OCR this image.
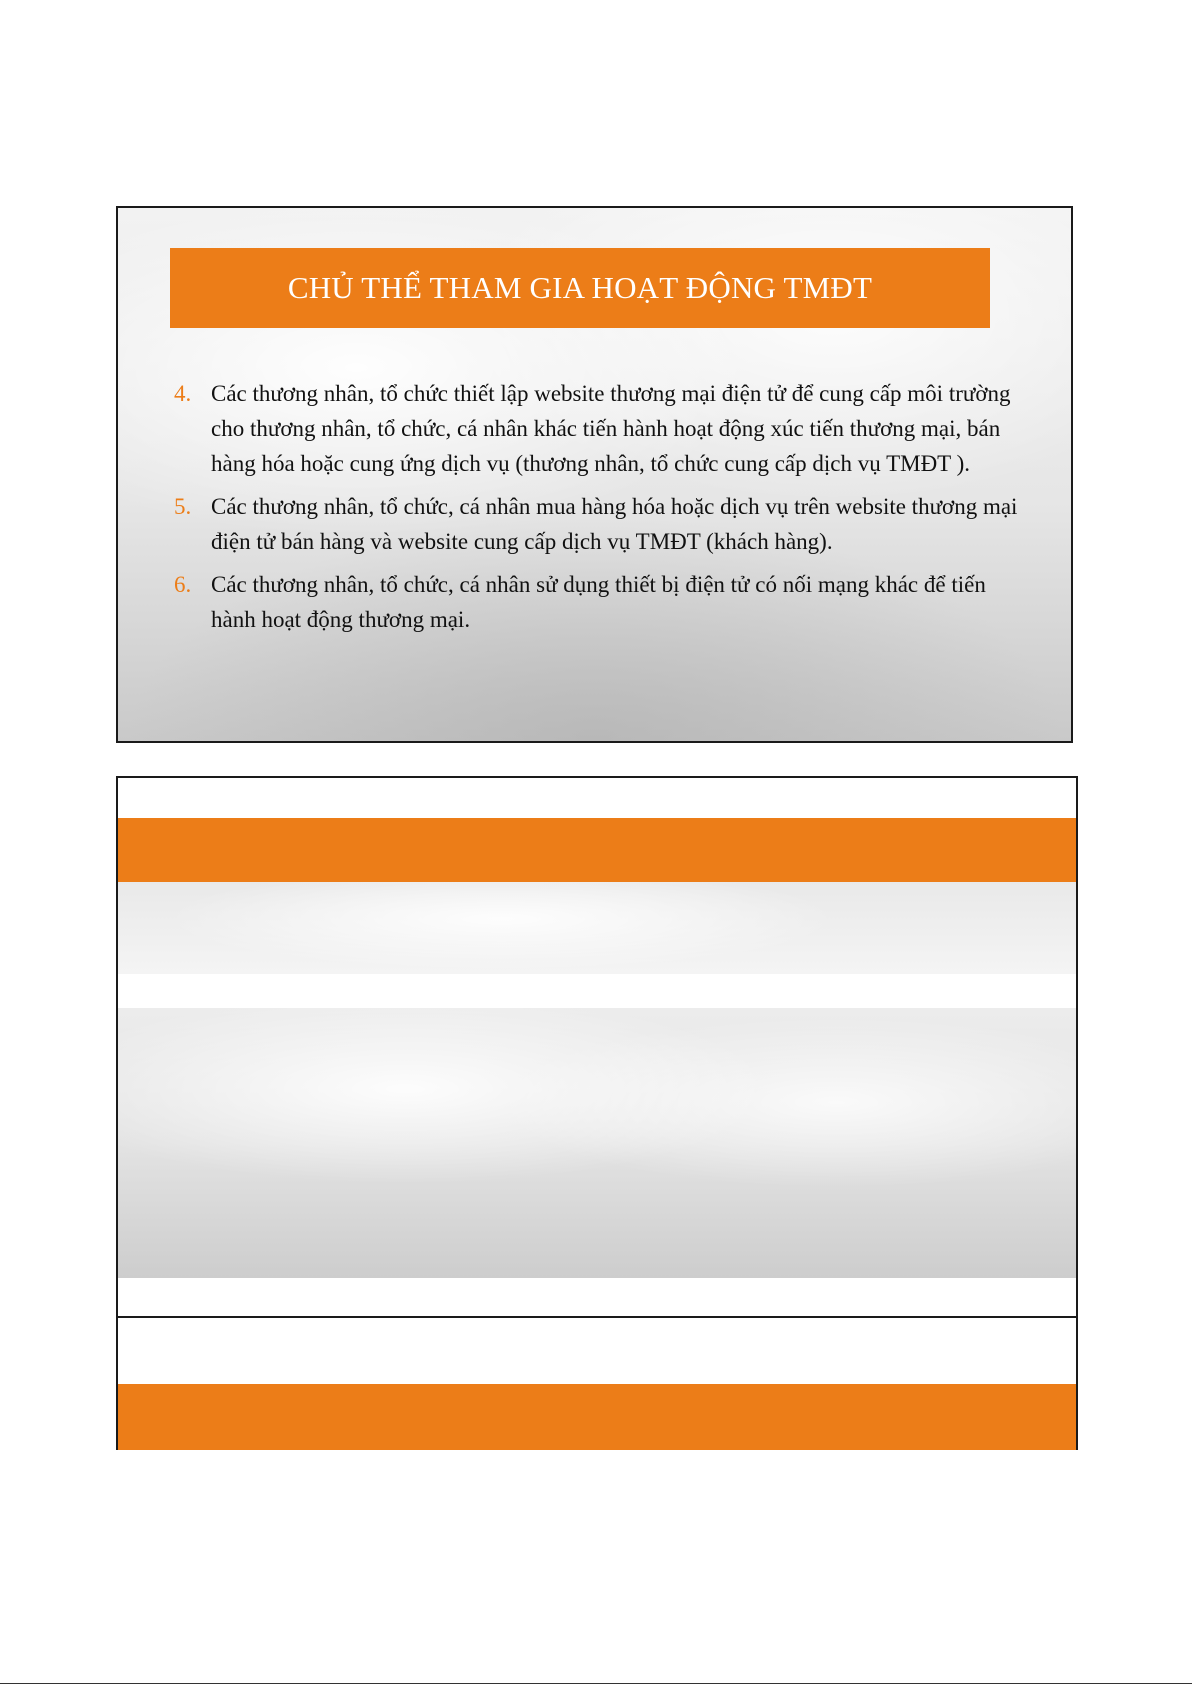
CHỦ THỂ THAM GIA HOẠT ĐỘNG TMĐT
4. Các thương nhân, tổ chức thiết lập website thương mại điện tử để cung cấp môi trường cho thương nhân, tổ chức, cá nhân khác tiến hành hoạt động xúc tiến thương mại, bán hàng hóa hoặc cung ứng dịch vụ (thương nhân, tổ chức cung cấp dịch vụ TMĐT ).
5. Các thương nhân, tổ chức, cá nhân mua hàng hóa hoặc dịch vụ trên website thương mại điện tử bán hàng và website cung cấp dịch vụ TMĐT (khách hàng).
6. Các thương nhân, tổ chức, cá nhân sử dụng thiết bị điện tử có nối mạng khác để tiến hành hoạt động thương mại.
